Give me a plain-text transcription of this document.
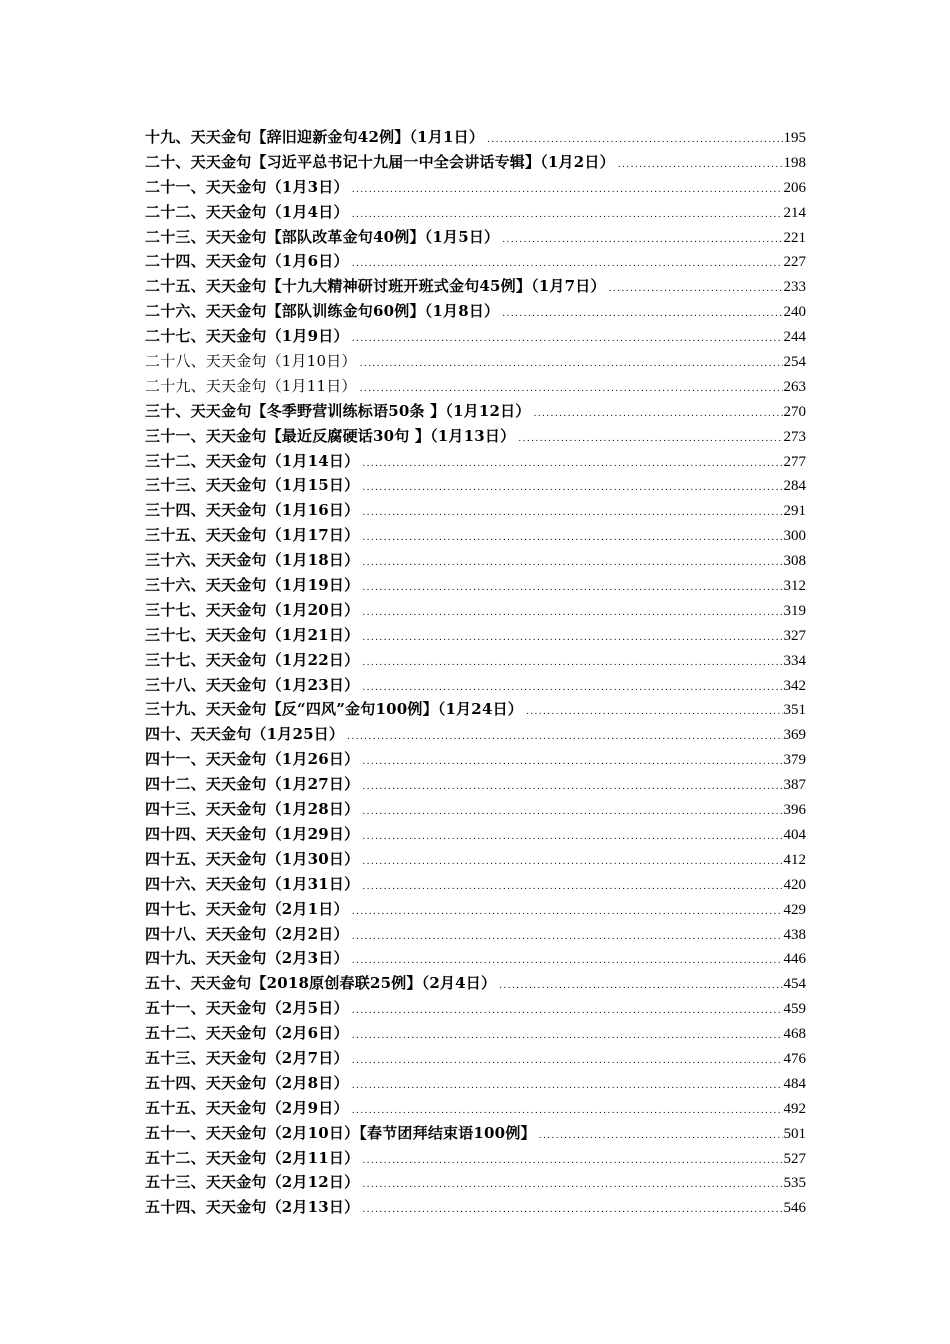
十九、天天金句【辞旧迎新金句42例】（1月1日） .....	195
二十、天天金句【习近平总书记十九届一中全会讲话专辑】（1月2日） .....	198
二十一、天天金句（1月3日） .....	206
二十二、天天金句（1月4日） .....	214
二十三、天天金句【部队改革金句40例】（1月5日） .....	221
二十四、天天金句（1月6日） .....	227
二十五、天天金句【十九大精神研讨班开班式金句45例】（1月7日） .....	233
二十六、天天金句【部队训练金句60例】（1月8日） .....	240
二十七、天天金句（1月9日） .....	244
二十八、天天金句（1月10日） .....	254
二十九、天天金句（1月11日） .....	263
三十、天天金句【冬季野营训练标语50条 】（1月12日） .....	270
三十一、天天金句【最近反腐硬话30句 】（1月13日） .....	273
三十二、天天金句（1月14日） .....	277
三十三、天天金句（1月15日） .....	284
三十四、天天金句（1月16日） .....	291
三十五、天天金句（1月17日） .....	300
三十六、天天金句（1月18日） .....	308
三十六、天天金句（1月19日） .....	312
三十七、天天金句（1月20日） .....	319
三十七、天天金句（1月21日） .....	327
三十七、天天金句（1月22日） .....	334
三十八、天天金句（1月23日） .....	342
三十九、天天金句【反“四风”金句100例】（1月24日） .....	351
四十、天天金句（1月25日） .....	369
四十一、天天金句（1月26日） .....	379
四十二、天天金句（1月27日） .....	387
四十三、天天金句（1月28日） .....	396
四十四、天天金句（1月29日） .....	404
四十五、天天金句（1月30日） .....	412
四十六、天天金句（1月31日） .....	420
四十七、天天金句（2月1日） .....	429
四十八、天天金句（2月2日） .....	438
四十九、天天金句（2月3日） .....	446
五十、天天金句【2018原创春联25例】（2月4日） .....	454
五十一、天天金句（2月5日） .....	459
五十二、天天金句（2月6日） .....	468
五十三、天天金句（2月7日） .....	476
五十四、天天金句（2月8日） .....	484
五十五、天天金句（2月9日） .....	492
五十一、天天金句（2月10日）【春节团拜结束语100例】 .....	501
五十二、天天金句（2月11日） .....	527
五十三、天天金句（2月12日） .....	535
五十四、天天金句（2月13日） .....	546
